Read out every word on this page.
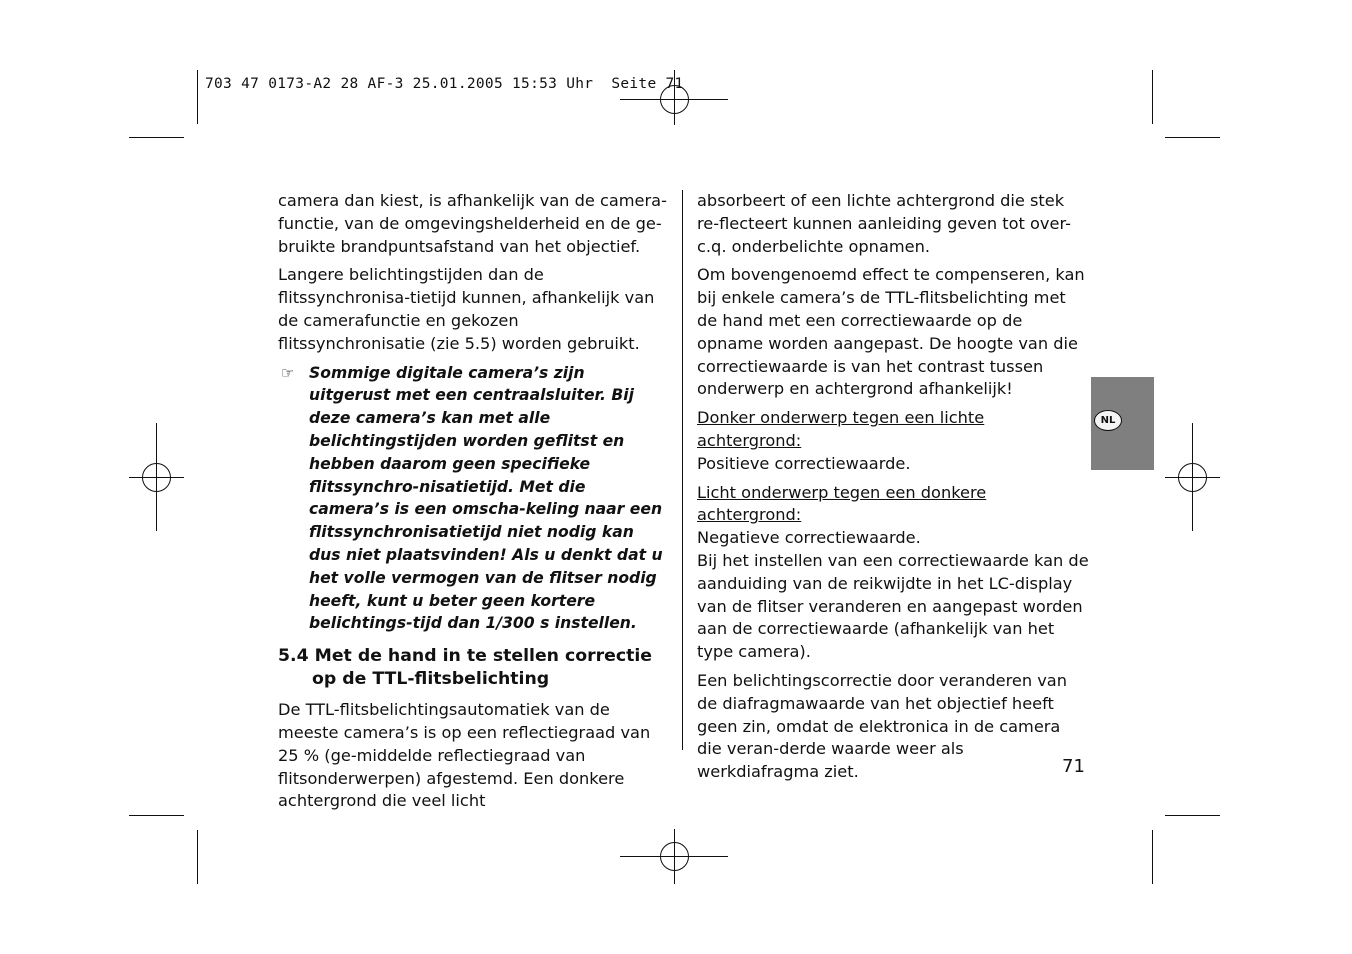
703 47 0173-A2 28 AF-3 25.01.2005 15:53 Uhr  Seite 71

camera dan kiest, is afhankelijk van de camera-functie, van de omgevingshelderheid en de ge-bruikte brandpuntsafstand van het objectief.

Langere belichtingstijden dan de flitssynchronisa-tietijd kunnen, afhankelijk van de camerafunctie en gekozen flitssynchronisatie (zie 5.5) worden gebruikt.

☞ Sommige digitale camera’s zijn uitgerust met een centraalsluiter. Bij deze camera’s kan met alle belichtingstijden worden geflitst en hebben daarom geen specifieke flitssynchro-nisatietijd. Met die camera’s is een omscha-keling naar een flitssynchronisatietijd niet nodig kan dus niet plaatsvinden! Als u denkt dat u het volle vermogen van de flitser nodig heeft, kunt u beter geen kortere belichtings-tijd dan 1/300 s instellen.
5.4 Met de hand in te stellen correctie op de TTL-flitsbelichting

De TTL-flitsbelichtingsautomatiek van de meeste camera’s is op een reflectiegraad van 25 % (ge-middelde reflectiegraad van flitsonderwerpen) afgestemd. Een donkere achtergrond die veel licht

absorbeert of een lichte achtergrond die stek re-flecteert kunnen aanleiding geven tot over- c.q. onderbelichte opnamen.

Om bovengenoemd effect te compenseren, kan bij enkele camera’s de TTL-flitsbelichting met de hand met een correctiewaarde op de opname worden aangepast. De hoogte van die correctiewaarde is van het contrast tussen onderwerp en achtergrond afhankelijk!

Donker onderwerp tegen een lichte achtergrond:
Positieve correctiewaarde.

Licht onderwerp tegen een donkere achtergrond:
Negatieve correctiewaarde.

Bij het instellen van een correctiewaarde kan de aanduiding van de reikwijdte in het LC-display van de flitser veranderen en aangepast worden aan de correctiewaarde (afhankelijk van het type camera).

Een belichtingscorrectie door veranderen van de diafragmawaarde van het objectief heeft geen zin, omdat de elektronica in de camera die veran-derde waarde weer als werkdiafragma ziet.

NL
71
